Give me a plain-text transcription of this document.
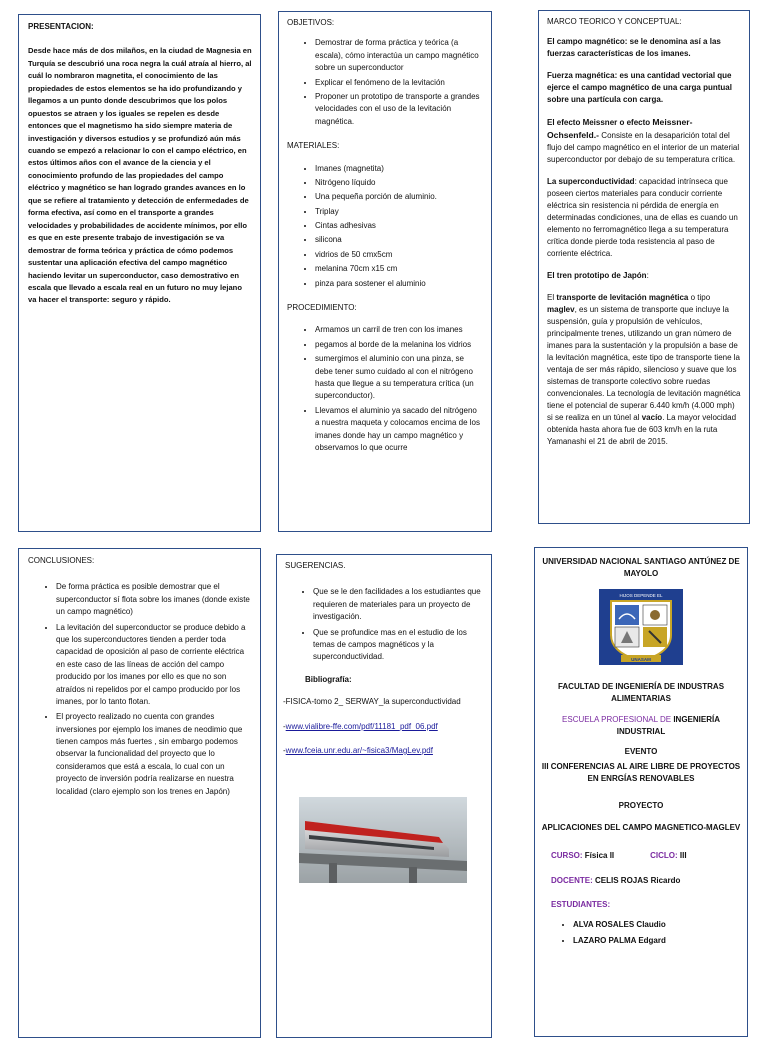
PRESENTACION:

Desde hace más de dos milaños, en la ciudad de Magnesia en Turquía se descubrió una roca negra la cuál atraía al hierro, al cuál lo nombraron magnetita, el conocimiento de las propiedades de estos elementos se ha ido profundizando y llegamos a un punto donde descubrimos que los polos opuestos se atraen y los iguales se repelen es desde entonces que el magnetismo ha sido siempre materia de investigación y diversos estudios y se profundizó aún más cuando se empezó a relacionar lo con el campo eléctrico, en estos últimos años con el avance de la ciencia y el conocimiento profundo de las propiedades del campo eléctrico y magnético se han logrado grandes avances en lo que se refiere al tratamiento y detección de enfermedades de forma efectiva, así como en el transporte a grandes velocidades y probabilidades de accidente mínimos, por ello es que en este presente trabajo de investigación se va demostrar de forma teórica y práctica de cómo podemos sustentar una aplicación efectiva del campo magnético haciendo levitar un superconductor, caso demostrativo en escala que llevado a escala real en un futuro no muy lejano va hacer el transporte: seguro y rápido.

OBJETIVOS:
• Demostrar de forma práctica y teórica (a escala), cómo interactúa un campo magnético sobre un superconductor
• Explicar el fenómeno de la levitación
• Proponer un prototipo de transporte a grandes velocidades con el uso de la levitación magnética.
MATERIALES:
• Imanes (magnetita)
• Nitrógeno líquido
• Una pequeña porción de aluminio.
• Triplay
• Cintas adhesivas
• silicona
• vidrios de 50 cmx5cm
• melanina 70cm x15 cm
• pinza para sostener el aluminio
PROCEDIMIENTO:
• Armamos un carril de tren con los imanes
• pegamos al borde de la melanina los vidrios
• sumergimos el aluminio con una pinza, se debe tener sumo cuidado al con el nitrógeno hasta que llegue a su temperatura crítica (un superconductor).
• Llevamos el aluminio ya sacado del nitrógeno a nuestra maqueta y colocamos encima de los imanes donde hay un campo magnético y observamos lo que ocurre
MARCO TEORICO Y CONCEPTUAL:

El campo magnético: se le denomina así a las fuerzas características de los imanes.

Fuerza magnética: es una cantidad vectorial que ejerce el campo magnético de una carga puntual sobre una partícula con carga.

El efecto Meissner o efecto Meissner-Ochsenfeld.- Consiste en la desaparición total del flujo del campo magnético en el interior de un material superconductor por debajo de su temperatura crítica.

La superconductividad: capacidad intrínseca que poseen ciertos materiales para conducir corriente eléctrica sin resistencia ni pérdida de energía en determinadas condiciones, una de ellas es cuando un elemento no ferromagnético llega a su temperatura crítica donde pierde toda resistencia al paso de corriente eléctrica.

El tren prototipo de Japón:

El transporte de levitación magnética o tipo maglev, es un sistema de transporte que incluye la suspensión, guía y propulsión de vehículos, principalmente trenes, utilizando un gran número de imanes para la sustentación y la propulsión a base de la levitación magnética, este tipo de transporte tiene la ventaja de ser más rápido, silencioso y suave que los sistemas de transporte colectivo sobre ruedas convencionales. La tecnología de levitación magnética tiene el potencial de superar 6.440 km/h (4.000 mph) si se realiza en un túnel al vacío. La mayor velocidad obtenida hasta ahora fue de 603 km/h en la ruta Yamanashi el 21 de abril de 2015.

CONCLUSIONES:
• De forma práctica es posible demostrar que el superconductor sí flota sobre los imanes (donde existe un campo magnético)
• La levitación del superconductor se produce debido a que los superconductores tienden a perder toda capacidad de oposición al paso de corriente eléctrica en este caso de las líneas de acción del campo producido por los imanes por ello es que no son atraídos ni repelidos por el campo producido por los imanes, por lo tanto flotan.
• El proyecto realizado no cuenta con grandes inversiones por ejemplo los imanes de neodimio que tienen campos más fuertes , sin embargo podemos observar la funcionalidad del proyecto que lo consideramos que está a escala, lo cual con un proyecto de inversión podría realizarse en nuestra localidad (claro ejemplo son los trenes en Japón)
SUGERENCIAS.
• Que se le den facilidades a los estudiantes que requieren de materiales para un proyecto de investigación.
• Que se profundice mas en el estudio de los temas de campos magnéticos y la superconductividad.
Bibliografía:

-FISICA-tomo 2_ SERWAY_la superconductividad

-www.vialibre-ffe.com/pdf/11181_pdf_06.pdf

-www.fceia.unr.edu.ar/~fisica3/MagLev.pdf

UNIVERSIDAD NACIONAL SANTIAGO ANTÚNEZ DE MAYOLO
HIJOS DEPENDE EL
UNASAM
FACULTAD DE INGENIERÍA DE INDUSTRAS ALIMENTARIAS
ESCUELA PROFESIONAL DE INGENIERÍA INDUSTRIAL
EVENTO
III CONFERENCIAS AL AIRE LIBRE DE PROYECTOS EN ENRGÍAS RENOVABLES
PROYECTO
APLICACIONES DEL CAMPO MAGNETICO-MAGLEV
CURSO: Física II	CICLO: III
DOCENTE: CELIS ROJAS Ricardo
ESTUDIANTES:
• ALVA ROSALES Claudio
• LAZARO PALMA Edgard
